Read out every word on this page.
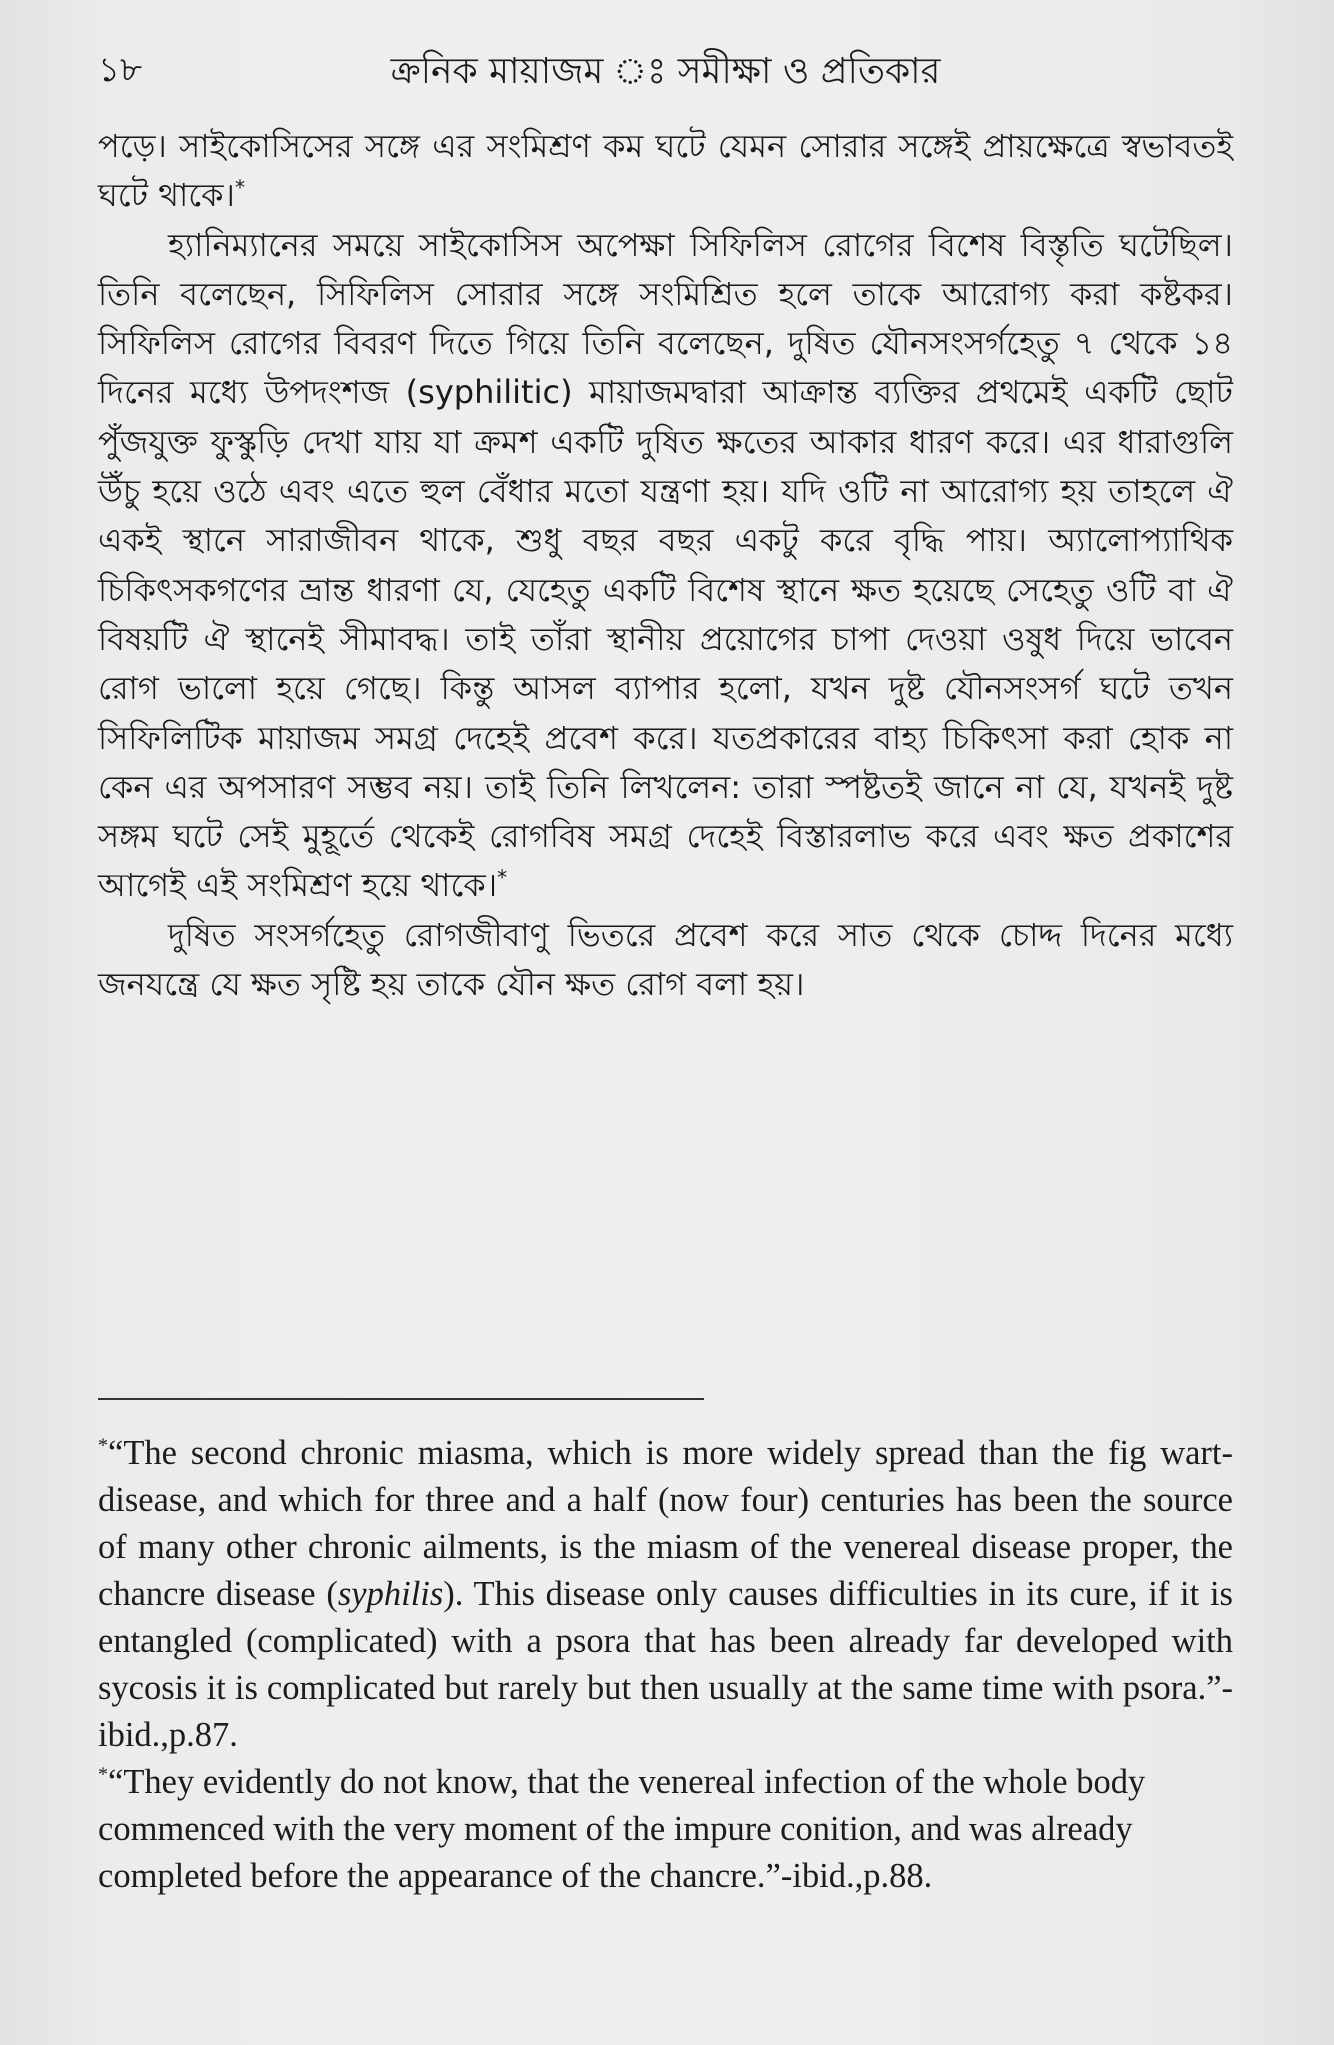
১৮	ক্রনিক মায়াজম ঃ সমীক্ষা ও প্রতিকার

পড়ে। সাইকোসিসের সঙ্গে এর সংমিশ্রণ কম ঘটে যেমন সোরার সঙ্গেই প্রায়ক্ষেত্রে স্বভাবতই ঘটে থাকে।*

হ্যানিম্যানের সময়ে সাইকোসিস অপেক্ষা সিফিলিস রোগের বিশেষ বিস্তৃতি ঘটেছিল। তিনি বলেছেন, সিফিলিস সোরার সঙ্গে সংমিশ্রিত হলে তাকে আরোগ্য করা কষ্টকর। সিফিলিস রোগের বিবরণ দিতে গিয়ে তিনি বলেছেন, দুষিত যৌনসংসর্গহেতু ৭ থেকে ১৪ দিনের মধ্যে উপদংশজ (syphilitic) মায়াজমদ্বারা আক্রান্ত ব্যক্তির প্রথমেই একটি ছোট পুঁজযুক্ত ফুস্কুড়ি দেখা যায় যা ক্রমশ একটি দুষিত ক্ষতের আকার ধারণ করে। এর ধারাগুলি উঁচু হয়ে ওঠে এবং এতে হুল বেঁধার মতো যন্ত্রণা হয়। যদি ওটি না আরোগ্য হয় তাহলে ঐ একই স্থানে সারাজীবন থাকে, শুধু বছর বছর একটু করে বৃদ্ধি পায়। অ্যালোপ্যাথিক চিকিৎসকগণের ভ্রান্ত ধারণা যে, যেহেতু একটি বিশেষ স্থানে ক্ষত হয়েছে সেহেতু ওটি বা ঐ বিষয়টি ঐ স্থানেই সীমাবদ্ধ। তাই তাঁরা স্থানীয় প্রয়োগের চাপা দেওয়া ওষুধ দিয়ে ভাবেন রোগ ভালো হয়ে গেছে। কিন্তু আসল ব্যাপার হলো, যখন দুষ্ট যৌনসংসর্গ ঘটে তখন সিফিলিটিক মায়াজম সমগ্র দেহেই প্রবেশ করে। যতপ্রকারের বাহ্য চিকিৎসা করা হোক না কেন এর অপসারণ সম্ভব নয়। তাই তিনি লিখলেন: তারা স্পষ্টতই জানে না যে, যখনই দুষ্ট সঙ্গম ঘটে সেই মুহূর্তে থেকেই রোগবিষ সমগ্র দেহেই বিস্তারলাভ করে এবং ক্ষত প্রকাশের আগেই এই সংমিশ্রণ হয়ে থাকে।*

দুষিত সংসর্গহেতু রোগজীবাণু ভিতরে প্রবেশ করে সাত থেকে চোদ্দ দিনের মধ্যে জনযন্ত্রে যে ক্ষত সৃষ্টি হয় তাকে যৌন ক্ষত রোগ বলা হয়।

*“The second chronic miasma, which is more widely spread than the fig wart-disease, and which for three and a half (now four) centuries has been the source of many other chronic ailments, is the miasm of the venereal disease proper, the chancre disease (syphilis). This disease only causes difficulties in its cure, if it is entangled (complicated) with a psora that has been already far developed with sycosis it is complicated but rarely but then usually at the same time with psora.”-ibid.,p.87.

*“They evidently do not know, that the venereal infection of the whole body commenced with the very moment of the impure conition, and was already completed before the appearance of the chancre.”-ibid.,p.88.
